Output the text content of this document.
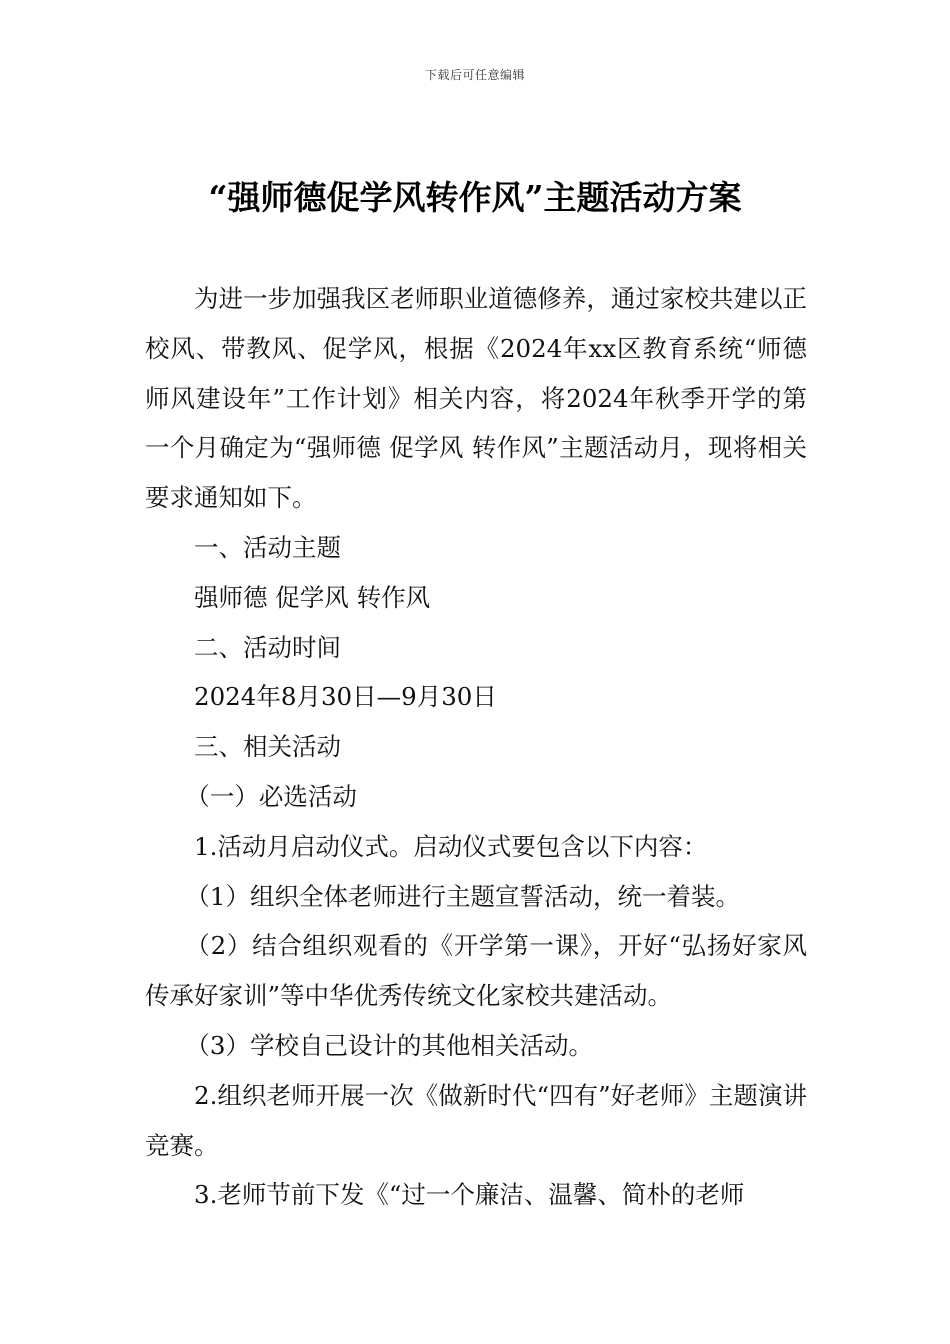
下载后可任意编辑
“强师德促学风转作风”主题活动方案

为进一步加强我区老师职业道德修养，通过家校共建以正校风、带教风、促学风，根据《2024年xx区教育系统“师德师风建设年”工作计划》相关内容，将2024年秋季开学的第一个月确定为“强师德 促学风 转作风”主题活动月，现将相关要求通知如下。

一、活动主题

强师德 促学风 转作风

二、活动时间

2024年8月30日—9月30日

三、相关活动

（一）必选活动

1.活动月启动仪式。启动仪式要包含以下内容：

（1）组织全体老师进行主题宣誓活动，统一着装。

（2）结合组织观看的《开学第一课》，开好“弘扬好家风传承好家训”等中华优秀传统文化家校共建活动。

（3）学校自己设计的其他相关活动。

2.组织老师开展一次《做新时代“四有”好老师》主题演讲竞赛。

3.老师节前下发《“过一个廉洁、温馨、简朴的老师
